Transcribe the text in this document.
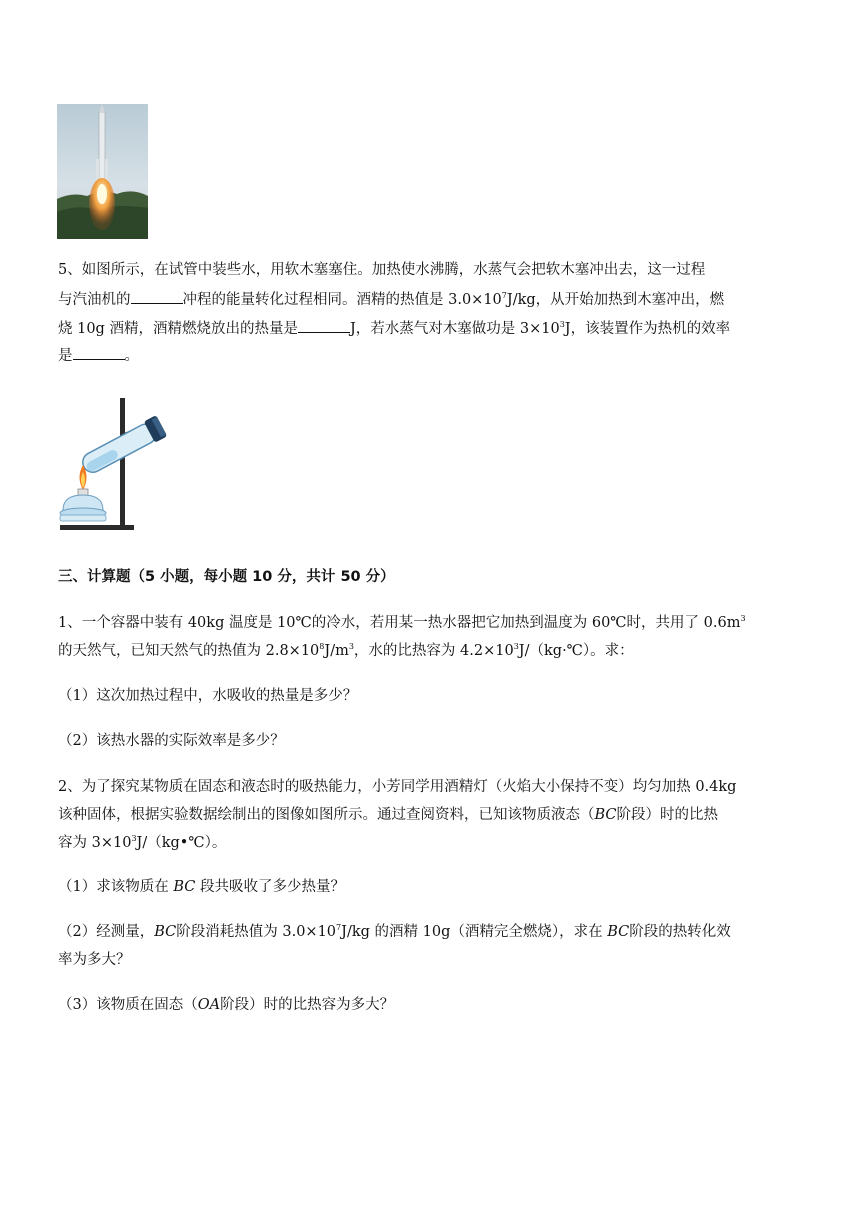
5、如图所示，在试管中装些水，用软木塞塞住。加热使水沸腾，水蒸气会把软木塞冲出去，这一过程
与汽油机的	冲程的能量转化过程相同。酒精的热值是 $3.0\times 10^7J/kg$，从开始加热到木塞冲出，燃
烧 10g 酒精，酒精燃烧放出的热量是	J，若水蒸气对木塞做功是 $3\times 10^3J$，该装置作为热机的效率
是	。
三、计算题（5 小题，每小题 10 分，共计 50 分）
1、一个容器中装有 40kg 温度是 10℃的冷水，若用某一热水器把它加热到温度为 60℃时，共用了 $0.6m^3$
的天然气，已知天然气的热值为 $2.8\times 10^8J/m^3$，水的比热容为 $4.2\times 10^3J/(kg\cdot℃)$。求：
（1）这次加热过程中，水吸收的热量是多少？
（2）该热水器的实际效率是多少？
2、为了探究某物质在固态和液态时的吸热能力，小芳同学用酒精灯（火焰大小保持不变）均匀加热 0.4kg
该种固体，根据实验数据绘制出的图像如图所示。通过查阅资料，已知该物质液态（BC阶段）时的比热
容为 $3\times 10^3J/(kg•℃)$。
（1）求该物质在 BC 段共吸收了多少热量？
（2）经测量，BC阶段消耗热值为 $3.0\times 10^7J/kg$ 的酒精 10g（酒精完全燃烧），求在 BC阶段的热转化效
率为多大？
（3）该物质在固态（OA阶段）时的比热容为多大？
